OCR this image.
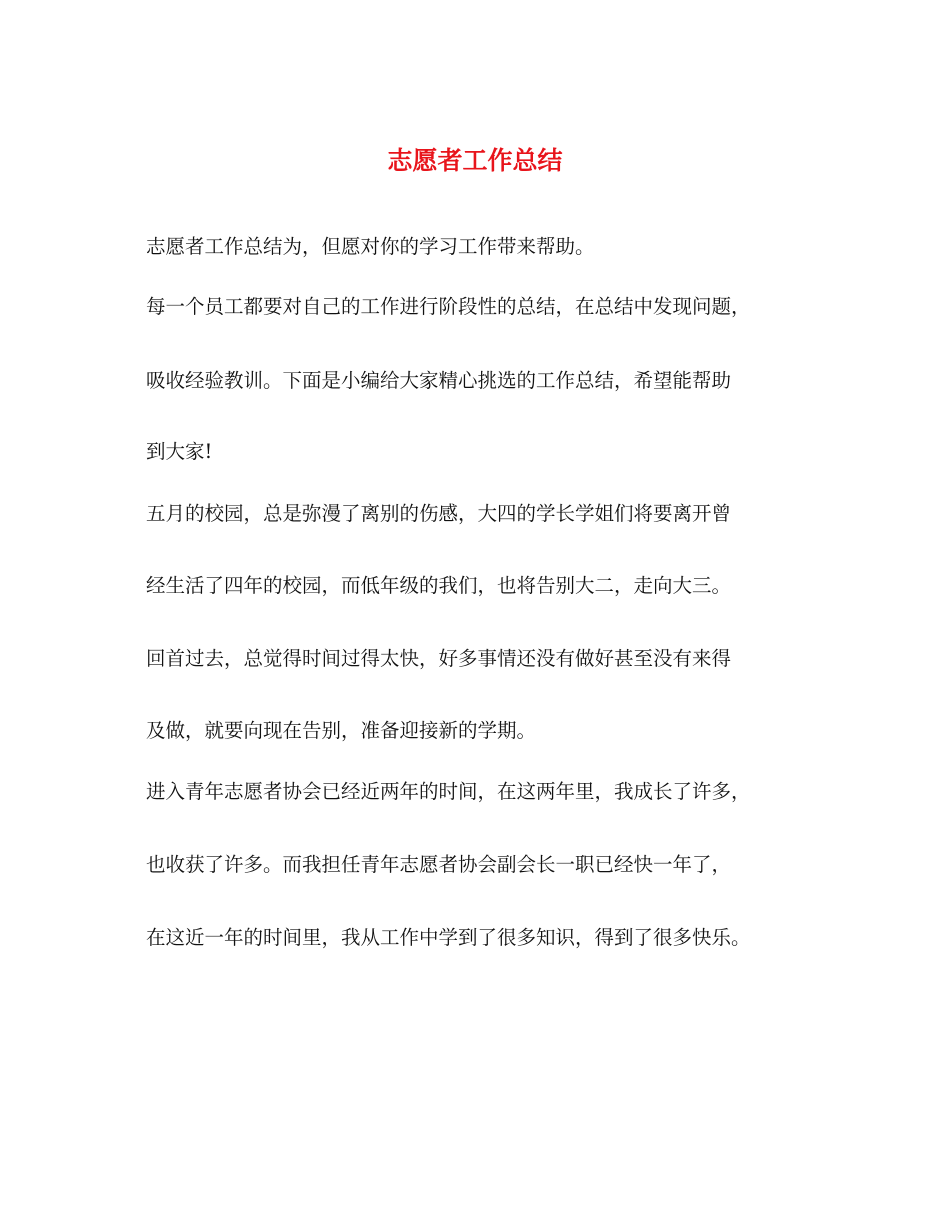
志愿者工作总结

志愿者工作总结为，但愿对你的学习工作带来帮助。

每一个员工都要对自己的工作进行阶段性的总结，在总结中发现问题，

吸收经验教训。下面是小编给大家精心挑选的工作总结，希望能帮助

到大家!

五月的校园，总是弥漫了离别的伤感，大四的学长学姐们将要离开曾

经生活了四年的校园，而低年级的我们，也将告别大二，走向大三。

回首过去，总觉得时间过得太快，好多事情还没有做好甚至没有来得

及做，就要向现在告别，准备迎接新的学期。

进入青年志愿者协会已经近两年的时间，在这两年里，我成长了许多，

也收获了许多。而我担任青年志愿者协会副会长一职已经快一年了，

在这近一年的时间里，我从工作中学到了很多知识，得到了很多快乐。
